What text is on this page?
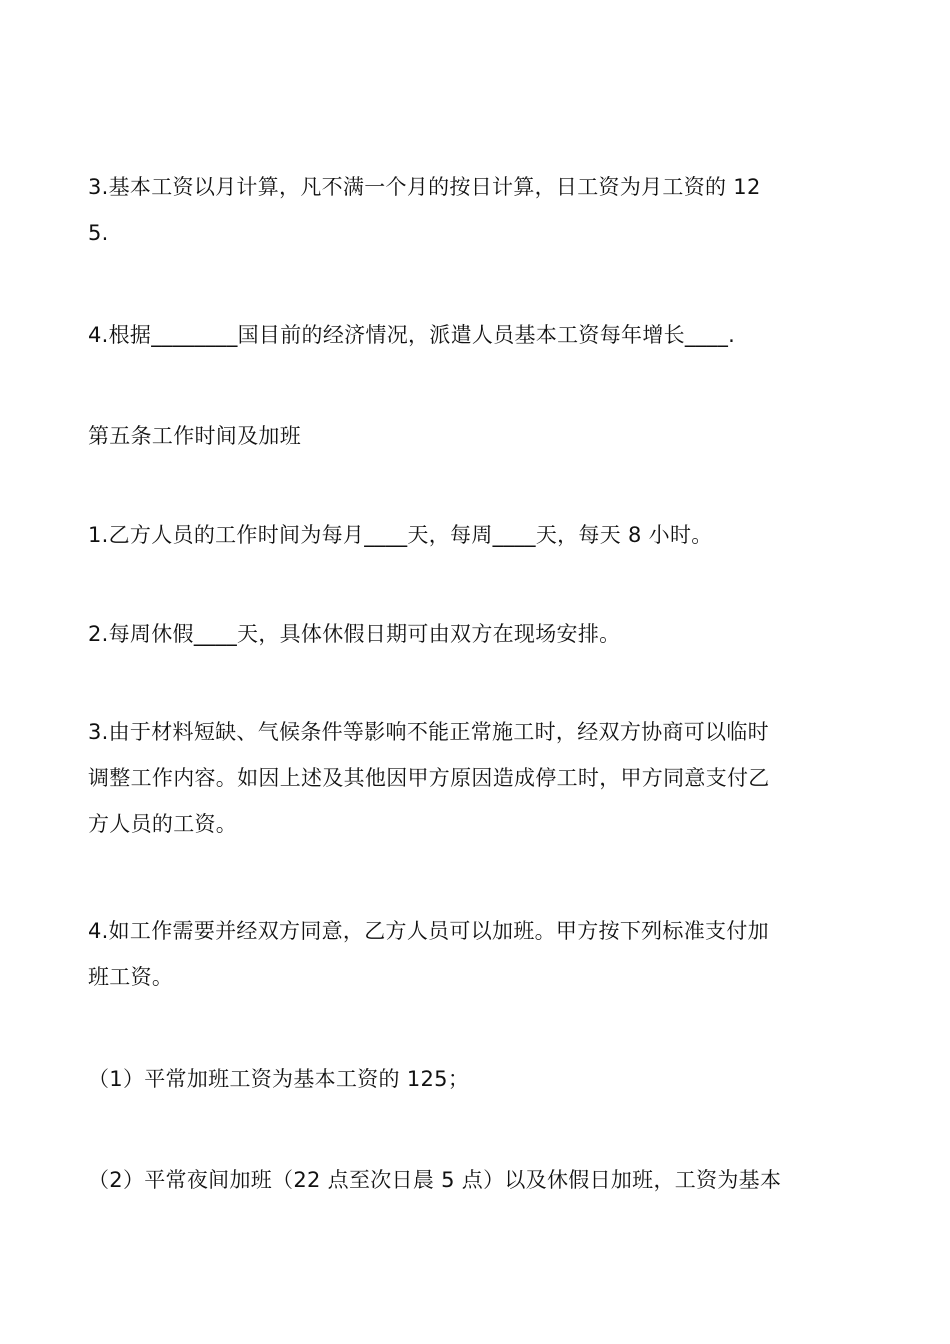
3.基本工资以月计算，凡不满一个月的按日计算，日工资为月工资的 12
5.
4.根据________国目前的经济情况，派遣人员基本工资每年增长____.
第五条工作时间及加班
1.乙方人员的工作时间为每月____天，每周____天，每天 8 小时。
2.每周休假____天，具体休假日期可由双方在现场安排。
3.由于材料短缺、气候条件等影响不能正常施工时，经双方协商可以临时
调整工作内容。如因上述及其他因甲方原因造成停工时，甲方同意支付乙
方人员的工资。
4.如工作需要并经双方同意，乙方人员可以加班。甲方按下列标准支付加
班工资。
（1）平常加班工资为基本工资的 125；
（2）平常夜间加班（22 点至次日晨 5 点）以及休假日加班，工资为基本
